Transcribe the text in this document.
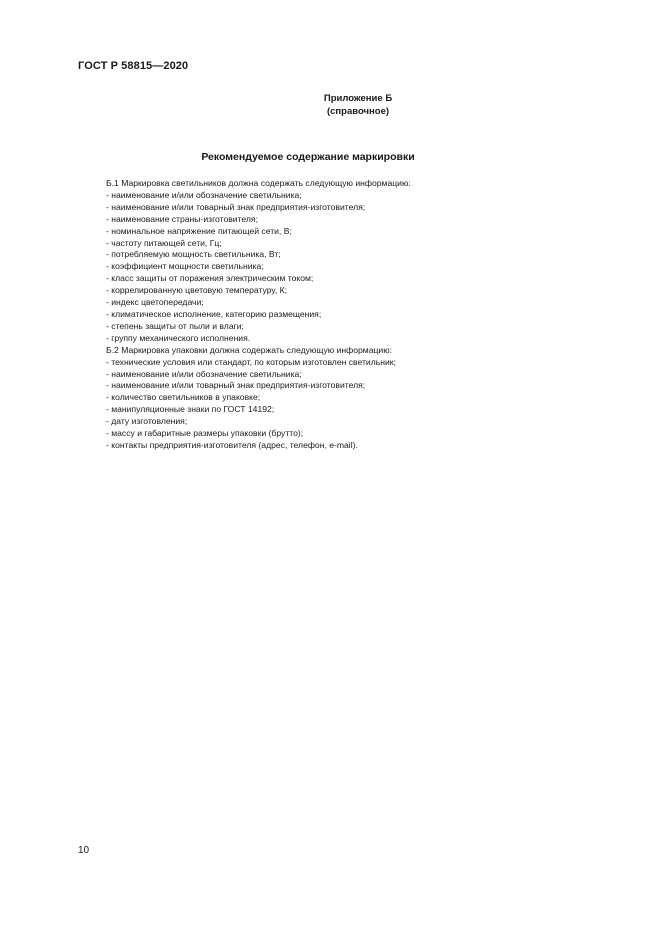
ГОСТ Р 58815—2020
Приложение Б
(справочное)
Рекомендуемое содержание маркировки
Б.1 Маркировка светильников должна содержать следующую информацию:
- наименование и/или обозначение светильника;
- наименование и/или товарный знак предприятия-изготовителя;
- наименование страны-изготовителя;
- номинальное напряжение питающей сети, В;
- частоту питающей сети, Гц;
- потребляемую мощность светильника, Вт;
- коэффициент мощности светильника;
- класс защиты от поражения электрическим током;
- коррелированную цветовую температуру, К;
- индекс цветопередачи;
- климатическое исполнение, категорию размещения;
- степень защиты от пыли и влаги;
- группу механического исполнения.
Б.2 Маркировка упаковки должна содержать следующую информацию:
- технические условия или стандарт, по которым изготовлен светильник;
- наименование и/или обозначение светильника;
- наименование и/или товарный знак предприятия-изготовителя;
- количество светильников в упаковке;
- манипуляционные знаки по ГОСТ 14192;
- дату изготовления;
- массу и габаритные размеры упаковки (брутто);
- контакты предприятия-изготовителя (адрес, телефон, e-mail).
10
